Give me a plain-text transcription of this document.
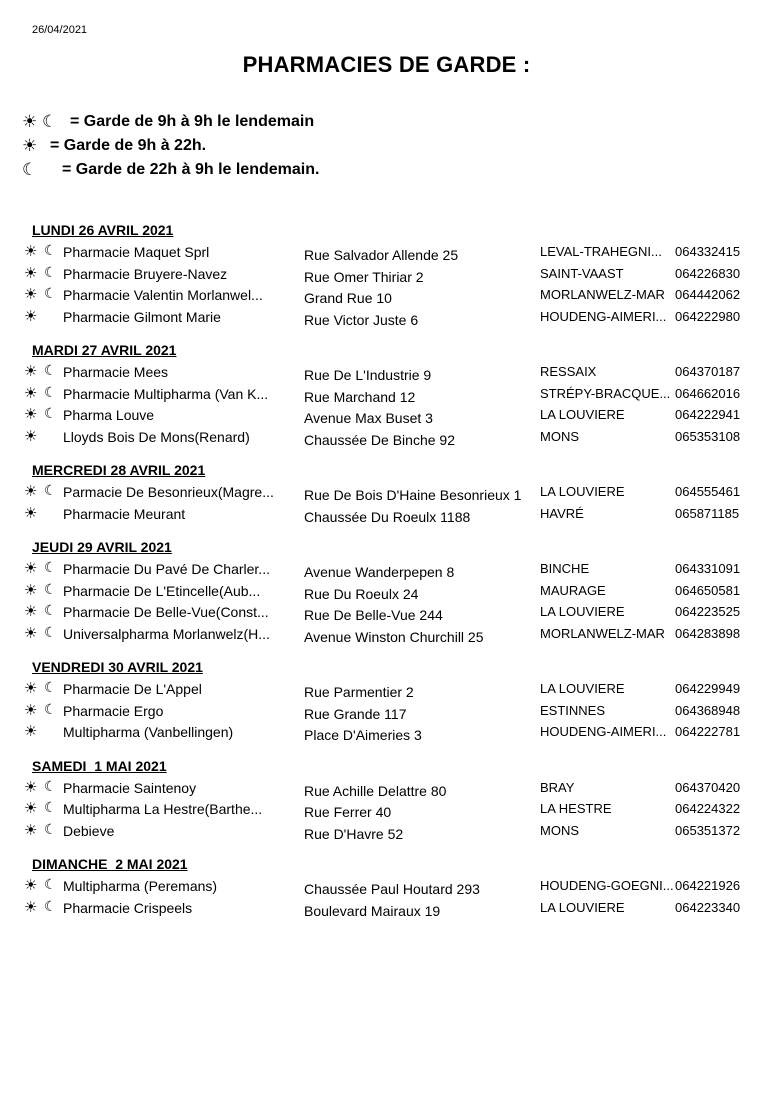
26/04/2021
PHARMACIES DE GARDE :
☀ ☾ = Garde de 9h à 9h le lendemain
☀ = Garde de 9h à 22h.
☾ = Garde de 22h à 9h le lendemain.
LUNDI 26 AVRIL 2021
☀ ☾ Pharmacie Maquet Sprl	Rue Salvador Allende 25	LEVAL-TRAHEGNI...	064332415
☀ ☾ Pharmacie Bruyere-Navez	Rue Omer Thiriar 2	SAINT-VAAST	064226830
☀ ☾ Pharmacie Valentin Morlanwel...	Grand Rue 10	MORLANWELZ-MAR 064442062
☀ Pharmacie Gilmont Marie	Rue Victor Juste 6	HOUDENG-AIMERI... 064222980
MARDI 27 AVRIL 2021
☀ ☾ Pharmacie Mees	Rue De L'Industrie 9	RESSAIX	064370187
☀ ☾ Pharmacie Multipharma (Van K...	Rue Marchand 12	STRÉPY-BRACQUE... 064662016
☀ ☾ Pharma Louve	Avenue Max Buset 3	LA LOUVIERE	064222941
☀ Lloyds Bois De Mons(Renard)	Chaussée De Binche 92	MONS	065353108
MERCREDI 28 AVRIL 2021
☀ ☾ Parmacie De Besonrieux(Magre...	Rue De Bois D'Haine Besonrieux 1	LA LOUVIERE	064555461
☀ Pharmacie Meurant	Chaussée Du Roeulx 1188	HAVRÉ	065871185
JEUDI 29 AVRIL 2021
☀ ☾ Pharmacie Du Pavé De Charler...	Avenue Wanderpepen 8	BINCHE	064331091
☀ ☾ Pharmacie De L'Etincelle(Aub...	Rue Du Roeulx 24	MAURAGE	064650581
☀ ☾ Pharmacie De Belle-Vue(Const...	Rue De Belle-Vue 244	LA LOUVIERE	064223525
☀ ☾ Universalpharma Morlanwelz(H...	Avenue Winston Churchill 25	MORLANWELZ-MAR 064283898
VENDREDI 30 AVRIL 2021
☀ ☾ Pharmacie De L'Appel	Rue Parmentier 2	LA LOUVIERE	064229949
☀ ☾ Pharmacie Ergo	Rue Grande 117	ESTINNES	064368948
☀ Multipharma (Vanbellingen)	Place D'Aimeries 3	HOUDENG-AIMERI... 064222781
SAMEDI  1 MAI 2021
☀ ☾ Pharmacie Saintenoy	Rue Achille Delattre 80	BRAY	064370420
☀ ☾ Multipharma La Hestre(Barthe...	Rue Ferrer 40	LA HESTRE	064224322
☀ ☾ Debieve	Rue D'Havre 52	MONS	065351372
DIMANCHE  2 MAI 2021
☀ ☾ Multipharma (Peremans)	Chaussée Paul Houtard 293	HOUDENG-GOEGNI... 064221926
☀ ☾ Pharmacie Crispeels	Boulevard Mairaux 19	LA LOUVIERE	064223340
